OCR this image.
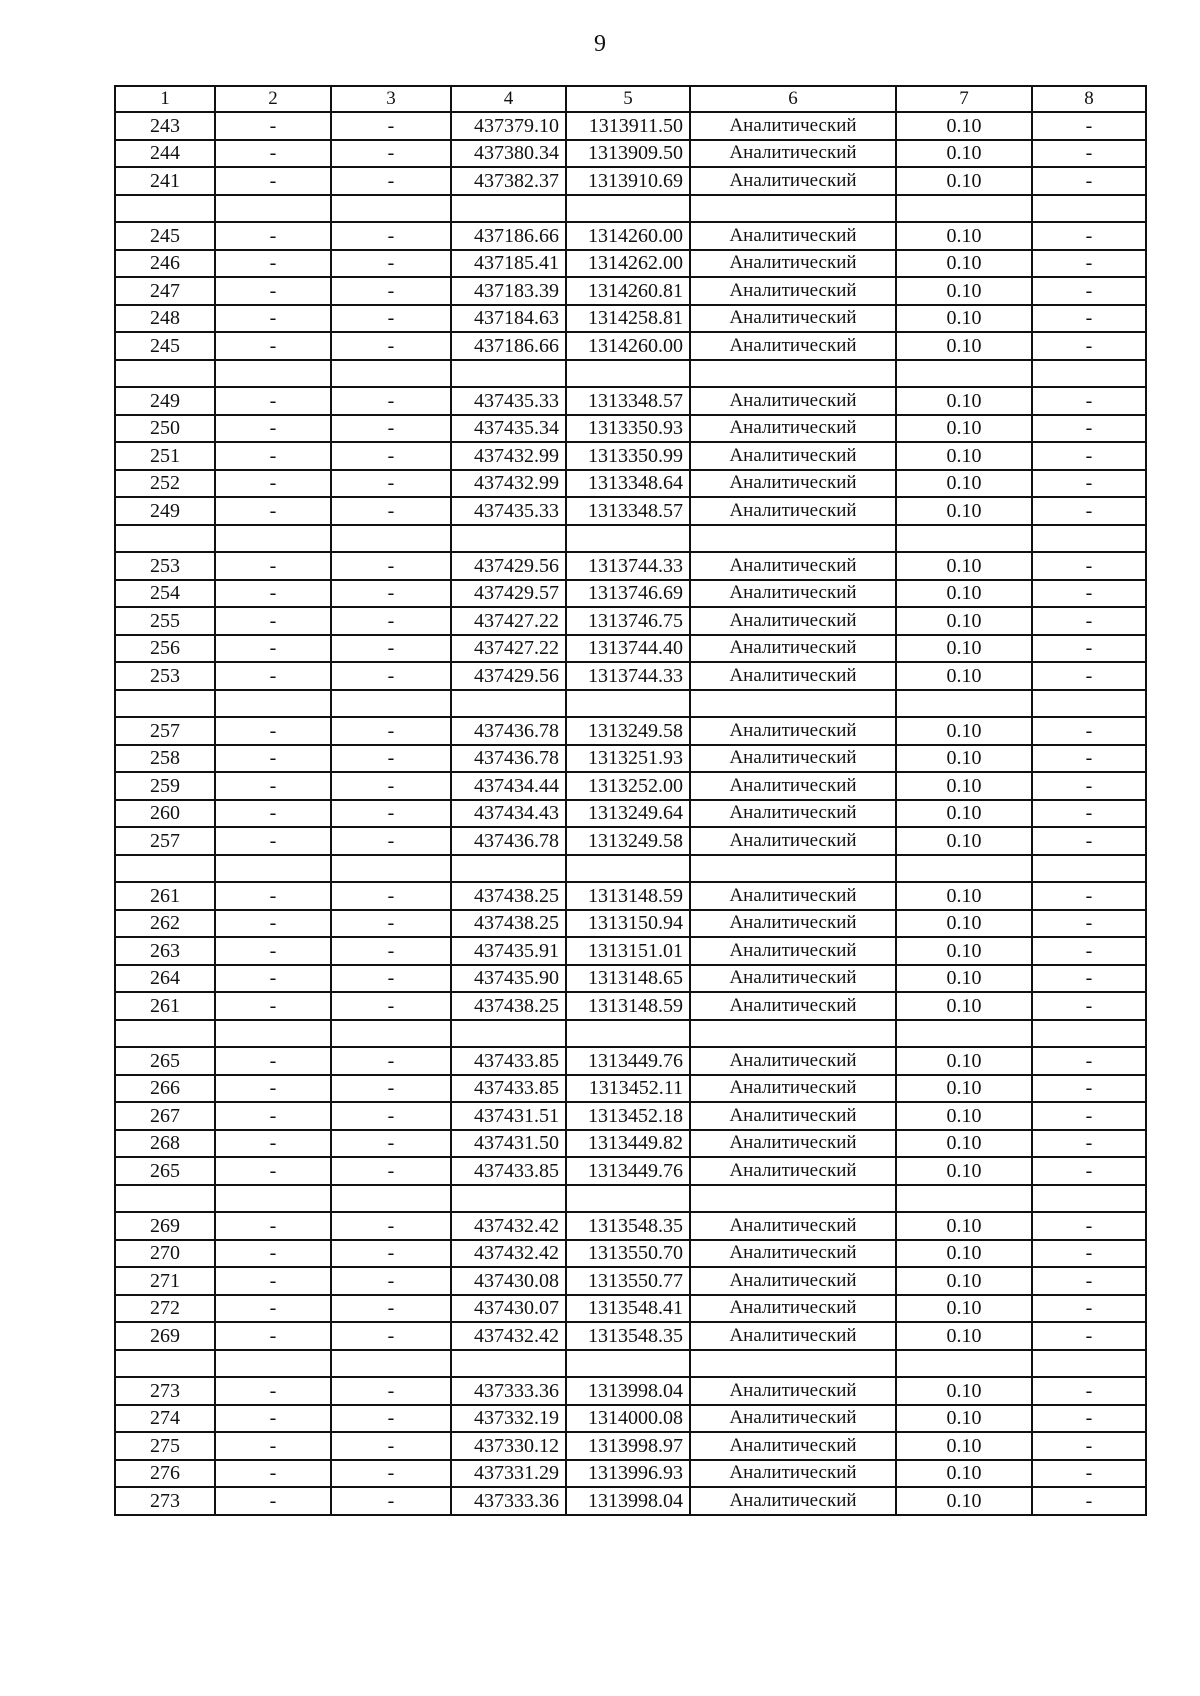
9
1	2	3	4	5	6	7	8
243	-	-	437379.10	1313911.50	Аналитический	0.10	-
244	-	-	437380.34	1313909.50	Аналитический	0.10	-
241	-	-	437382.37	1313910.69	Аналитический	0.10	-

245	-	-	437186.66	1314260.00	Аналитический	0.10	-
246	-	-	437185.41	1314262.00	Аналитический	0.10	-
247	-	-	437183.39	1314260.81	Аналитический	0.10	-
248	-	-	437184.63	1314258.81	Аналитический	0.10	-
245	-	-	437186.66	1314260.00	Аналитический	0.10	-

249	-	-	437435.33	1313348.57	Аналитический	0.10	-
250	-	-	437435.34	1313350.93	Аналитический	0.10	-
251	-	-	437432.99	1313350.99	Аналитический	0.10	-
252	-	-	437432.99	1313348.64	Аналитический	0.10	-
249	-	-	437435.33	1313348.57	Аналитический	0.10	-

253	-	-	437429.56	1313744.33	Аналитический	0.10	-
254	-	-	437429.57	1313746.69	Аналитический	0.10	-
255	-	-	437427.22	1313746.75	Аналитический	0.10	-
256	-	-	437427.22	1313744.40	Аналитический	0.10	-
253	-	-	437429.56	1313744.33	Аналитический	0.10	-

257	-	-	437436.78	1313249.58	Аналитический	0.10	-
258	-	-	437436.78	1313251.93	Аналитический	0.10	-
259	-	-	437434.44	1313252.00	Аналитический	0.10	-
260	-	-	437434.43	1313249.64	Аналитический	0.10	-
257	-	-	437436.78	1313249.58	Аналитический	0.10	-

261	-	-	437438.25	1313148.59	Аналитический	0.10	-
262	-	-	437438.25	1313150.94	Аналитический	0.10	-
263	-	-	437435.91	1313151.01	Аналитический	0.10	-
264	-	-	437435.90	1313148.65	Аналитический	0.10	-
261	-	-	437438.25	1313148.59	Аналитический	0.10	-

265	-	-	437433.85	1313449.76	Аналитический	0.10	-
266	-	-	437433.85	1313452.11	Аналитический	0.10	-
267	-	-	437431.51	1313452.18	Аналитический	0.10	-
268	-	-	437431.50	1313449.82	Аналитический	0.10	-
265	-	-	437433.85	1313449.76	Аналитический	0.10	-

269	-	-	437432.42	1313548.35	Аналитический	0.10	-
270	-	-	437432.42	1313550.70	Аналитический	0.10	-
271	-	-	437430.08	1313550.77	Аналитический	0.10	-
272	-	-	437430.07	1313548.41	Аналитический	0.10	-
269	-	-	437432.42	1313548.35	Аналитический	0.10	-

273	-	-	437333.36	1313998.04	Аналитический	0.10	-
274	-	-	437332.19	1314000.08	Аналитический	0.10	-
275	-	-	437330.12	1313998.97	Аналитический	0.10	-
276	-	-	437331.29	1313996.93	Аналитический	0.10	-
273	-	-	437333.36	1313998.04	Аналитический	0.10	-
